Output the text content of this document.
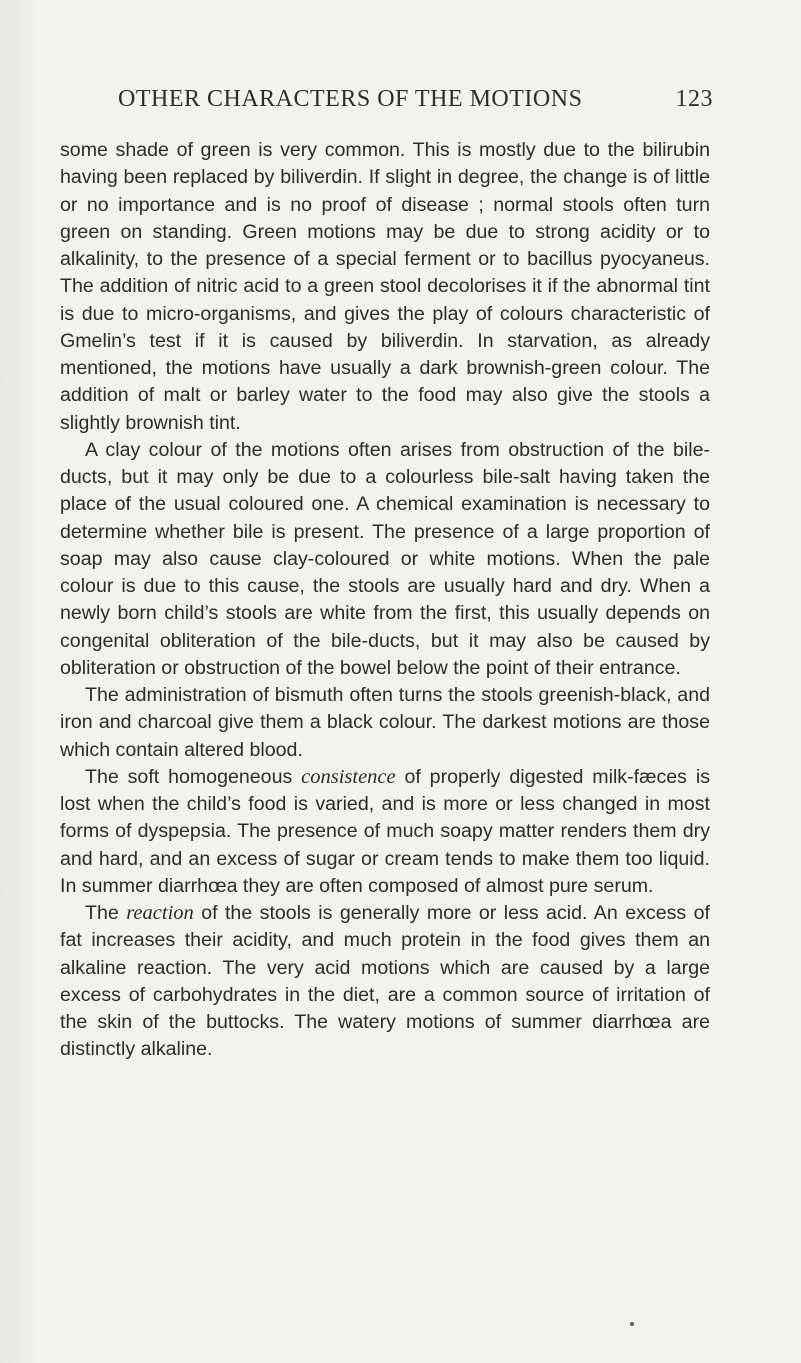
OTHER CHARACTERS OF THE MOTIONS	123

some shade of green is very common. This is mostly due to the bilirubin having been replaced by biliverdin. If slight in degree, the change is of little or no importance and is no proof of disease ; normal stools often turn green on standing. Green motions may be due to strong acidity or to alkalinity, to the presence of a special ferment or to bacillus pyocyaneus. The addition of nitric acid to a green stool decolorises it if the abnormal tint is due to micro-organisms, and gives the play of colours characteristic of Gmelin’s test if it is caused by biliverdin. In starvation, as already mentioned, the motions have usually a dark brownish-green colour. The addition of malt or barley water to the food may also give the stools a slightly brownish tint.

A clay colour of the motions often arises from obstruction of the bile-ducts, but it may only be due to a colourless bile-salt having taken the place of the usual coloured one. A chemical examination is necessary to determine whether bile is present. The presence of a large proportion of soap may also cause clay-coloured or white motions. When the pale colour is due to this cause, the stools are usually hard and dry. When a newly born child’s stools are white from the first, this usually depends on congenital obliteration of the bile-ducts, but it may also be caused by obliteration or obstruction of the bowel below the point of their entrance.

The administration of bismuth often turns the stools greenish-black, and iron and charcoal give them a black colour. The darkest motions are those which contain altered blood.

The soft homogeneous consistence of properly digested milk-fæces is lost when the child’s food is varied, and is more or less changed in most forms of dyspepsia. The presence of much soapy matter renders them dry and hard, and an excess of sugar or cream tends to make them too liquid. In summer diarrhœa they are often composed of almost pure serum.

The reaction of the stools is generally more or less acid. An excess of fat increases their acidity, and much protein in the food gives them an alkaline reaction. The very acid motions which are caused by a large excess of carbohydrates in the diet, are a common source of irritation of the skin of the buttocks. The watery motions of summer diarrhœa are distinctly alkaline.
